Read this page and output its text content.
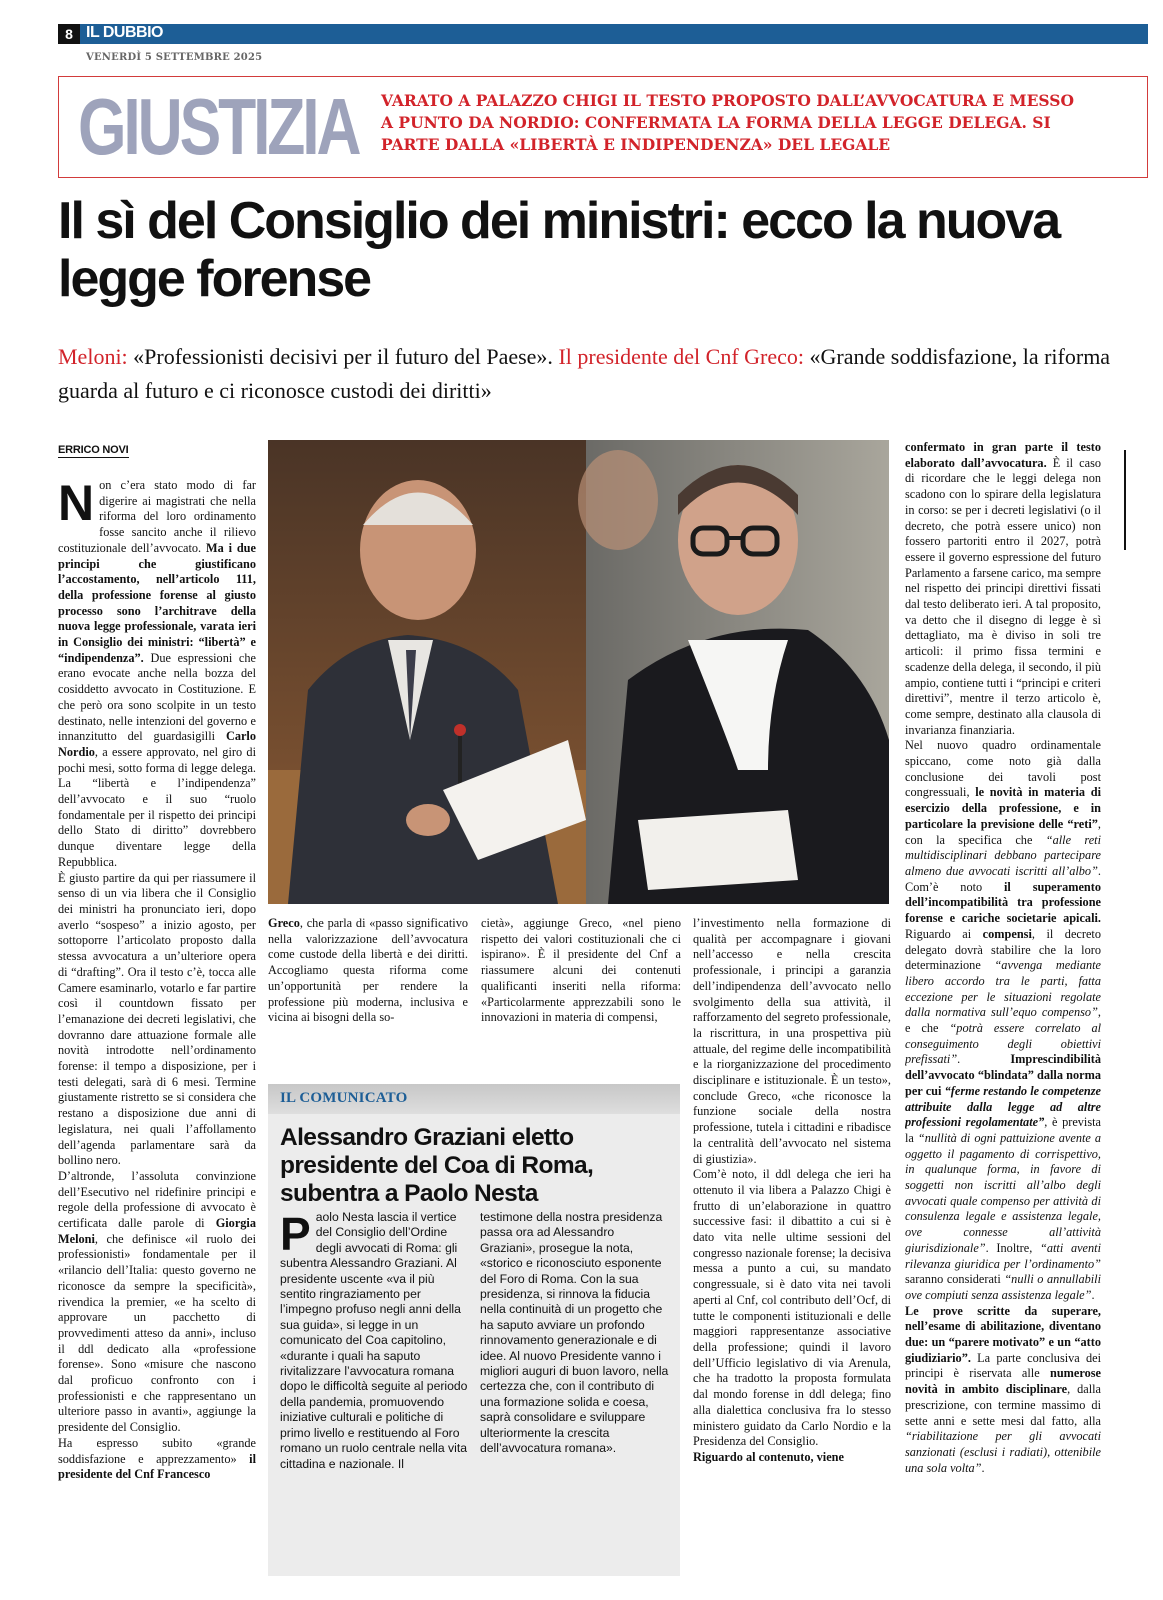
8 IL DUBBIO
VENERDÌ 5 SETTEMBRE 2025
GIUSTIZIA VARATO A PALAZZO CHIGI IL TESTO PROPOSTO DALL’AVVOCATURA E MESSO A PUNTO DA NORDIO: CONFERMATA LA FORMA DELLA LEGGE DELEGA. SI PARTE DALLA «LIBERTÀ E INDIPENDENZA» DEL LEGALE
Il sì del Consiglio dei ministri: ecco la nuova legge forense
Meloni: «Professionisti decisivi per il futuro del Paese». Il presidente del Cnf Greco: «Grande soddisfazione, la riforma guarda al futuro e ci riconosce custodi dei diritti»
ERRICO NOVI

Non c’era stato modo di far digerire ai magistrati che nella riforma del loro ordinamento fosse sancito anche il rilievo costituzionale dell’avvocato. Ma i due principi che giustificano l’accostamento, nell’articolo 111, della professione forense al giusto processo sono l’architrave della nuova legge professionale, varata ieri in Consiglio dei ministri: “libertà” e “indipendenza”. Due espressioni che erano evocate anche nella bozza del cosiddetto avvocato in Costituzione. E che però ora sono scolpite in un testo destinato, nelle intenzioni del governo e innanzitutto del guardasigilli Carlo Nordio, a essere approvato, nel giro di pochi mesi, sotto forma di legge delega. La “libertà e l’indipendenza” dell’avvocato e il suo “ruolo fondamentale per il rispetto dei principi dello Stato di diritto” dovrebbero dunque diventare legge della Repubblica.

È giusto partire da qui per riassumere il senso di un via libera che il Consiglio dei ministri ha pronunciato ieri, dopo averlo “sospeso” a inizio agosto, per sottoporre l’articolato proposto dalla stessa avvocatura a un’ulteriore opera di “drafting”. Ora il testo c’è, tocca alle Camere esaminarlo, votarlo e far partire così il countdown fissato per l’emanazione dei decreti legislativi, che dovranno dare attuazione formale alle novità introdotte nell’ordinamento forense: il tempo a disposizione, per i testi delegati, sarà di 6 mesi. Termine giustamente ristretto se si considera che restano a disposizione due anni di legislatura, nei quali l’affollamento dell’agenda parlamentare sarà da bollino nero.

D’altronde, l’assoluta convinzione dell’Esecutivo nel ridefinire principi e regole della professione di avvocato è certificata dalle parole di Giorgia Meloni, che definisce «il ruolo dei professionisti» fondamentale per il «rilancio dell’Italia: questo governo ne riconosce da sempre la specificità», rivendica la premier, «e ha scelto di approvare un pacchetto di provvedimenti atteso da anni», incluso il ddl dedicato alla «professione forense». Sono «misure che nascono dal proficuo confronto con i professionisti e che rappresentano un ulteriore passo in avanti», aggiunge la presidente del Consiglio.

Ha espresso subito «grande soddisfazione e apprezzamento» il presidente del Cnf Francesco

Greco, che parla di «passo significativo nella valorizzazione dell’avvocatura come custode della libertà e dei diritti. Accogliamo questa riforma come un’opportunità per rendere la professione più moderna, inclusiva e vicina ai bisogni della so-

cietà», aggiunge Greco, «nel pieno rispetto dei valori costituzionali che ci ispirano». È il presidente del Cnf a riassumere alcuni dei contenuti qualificanti inseriti nella riforma: «Particolarmente apprezzabili sono le innovazioni in materia di compensi,

IL COMUNICATO
Alessandro Graziani eletto presidente del Coa di Roma, subentra a Paolo Nesta
Paolo Nesta lascia il vertice del Consiglio dell’Ordine degli avvocati di Roma: gli subentra Alessandro Graziani. Al presidente uscente «va il più sentito ringraziamento per l’impegno profuso negli anni della sua guida», si legge in un comunicato del Coa capitolino, «durante i quali ha saputo rivitalizzare l’avvocatura romana dopo le difficoltà seguite al periodo della pandemia, promuovendo iniziative culturali e politiche di primo livello e restituendo al Foro romano un ruolo centrale nella vita cittadina e nazionale. Il
testimone della nostra presidenza passa ora ad Alessandro Graziani», prosegue la nota, «storico e riconosciuto esponente del Foro di Roma. Con la sua presidenza, si rinnova la fiducia nella continuità di un progetto che ha saputo avviare un profondo rinnovamento generazionale e di idee. Al nuovo Presidente vanno i migliori auguri di buon lavoro, nella certezza che, con il contributo di una formazione solida e coesa, saprà consolidare e sviluppare ulteriormente la crescita dell’avvocatura romana».

l’investimento nella formazione di qualità per accompagnare i giovani nell’accesso e nella crescita professionale, i principi a garanzia dell’indipendenza dell’avvocato nello svolgimento della sua attività, il rafforzamento del segreto professionale, la riscrittura, in una prospettiva più attuale, del regime delle incompatibilità e la riorganizzazione del procedimento disciplinare e istituzionale. È un testo», conclude Greco, «che riconosce la funzione sociale della nostra professione, tutela i cittadini e ribadisce la centralità dell’avvocato nel sistema di giustizia».

Com’è noto, il ddl delega che ieri ha ottenuto il via libera a Palazzo Chigi è frutto di un’elaborazione in quattro successive fasi: il dibattito a cui si è dato vita nelle ultime sessioni del congresso nazionale forense; la decisiva messa a punto a cui, su mandato congressuale, si è dato vita nei tavoli aperti al Cnf, col contributo dell’Ocf, di tutte le componenti istituzionali e delle maggiori rappresentanze associative della professione; quindi il lavoro dell’Ufficio legislativo di via Arenula, che ha tradotto la proposta formulata dal mondo forense in ddl delega; fino alla dialettica conclusiva fra lo stesso ministero guidato da Carlo Nordio e la Presidenza del Consiglio.

Riguardo al contenuto, viene

confermato in gran parte il testo elaborato dall’avvocatura. È il caso di ricordare che le leggi delega non scadono con lo spirare della legislatura in corso: se per i decreti legislativi (o il decreto, che potrà essere unico) non fossero partoriti entro il 2027, potrà essere il governo espressione del futuro Parlamento a farsene carico, ma sempre nel rispetto dei principi direttivi fissati dal testo deliberato ieri. A tal proposito, va detto che il disegno di legge è sì dettagliato, ma è diviso in soli tre articoli: il primo fissa termini e scadenze della delega, il secondo, il più ampio, contiene tutti i “principi e criteri direttivi”, mentre il terzo articolo è, come sempre, destinato alla clausola di invarianza finanziaria.

Nel nuovo quadro ordinamentale spiccano, come noto già dalla conclusione dei tavoli post congressuali, le novità in materia di esercizio della professione, e in particolare la previsione delle “reti”, con la specifica che “alle reti multidisciplinari debbano partecipare almeno due avvocati iscritti all’albo”. Com’è noto il superamento dell’incompatibilità tra professione forense e cariche societarie apicali. Riguardo ai compensi, il decreto delegato dovrà stabilire che la loro determinazione “avvenga mediante libero accordo tra le parti, fatta eccezione per le situazioni regolate dalla normativa sull’equo compenso”, e che “potrà essere correlato al conseguimento degli obiettivi prefissati”. Imprescindibilità dell’avvocato “blindata” dalla norma per cui “ferme restando le competenze attribuite dalla legge ad altre professioni regolamentate”, è prevista la “nullità di ogni pattuizione avente a oggetto il pagamento di corrispettivo, in qualunque forma, in favore di soggetti non iscritti all’albo degli avvocati quale compenso per attività di consulenza legale e assistenza legale, ove connesse all’attività giurisdizionale”. Inoltre, “atti aventi rilevanza giuridica per l’ordinamento” saranno considerati “nulli o annullabili ove compiuti senza assistenza legale”.

Le prove scritte da superare, nell’esame di abilitazione, diventano due: un “parere motivato” e un “atto giudiziario”. La parte conclusiva dei principi è riservata alle numerose novità in ambito disciplinare, dalla prescrizione, con termine massimo di sette anni e sette mesi dal fatto, alla “riabilitazione per gli avvocati sanzionati (esclusi i radiati), ottenibile una sola volta”.
